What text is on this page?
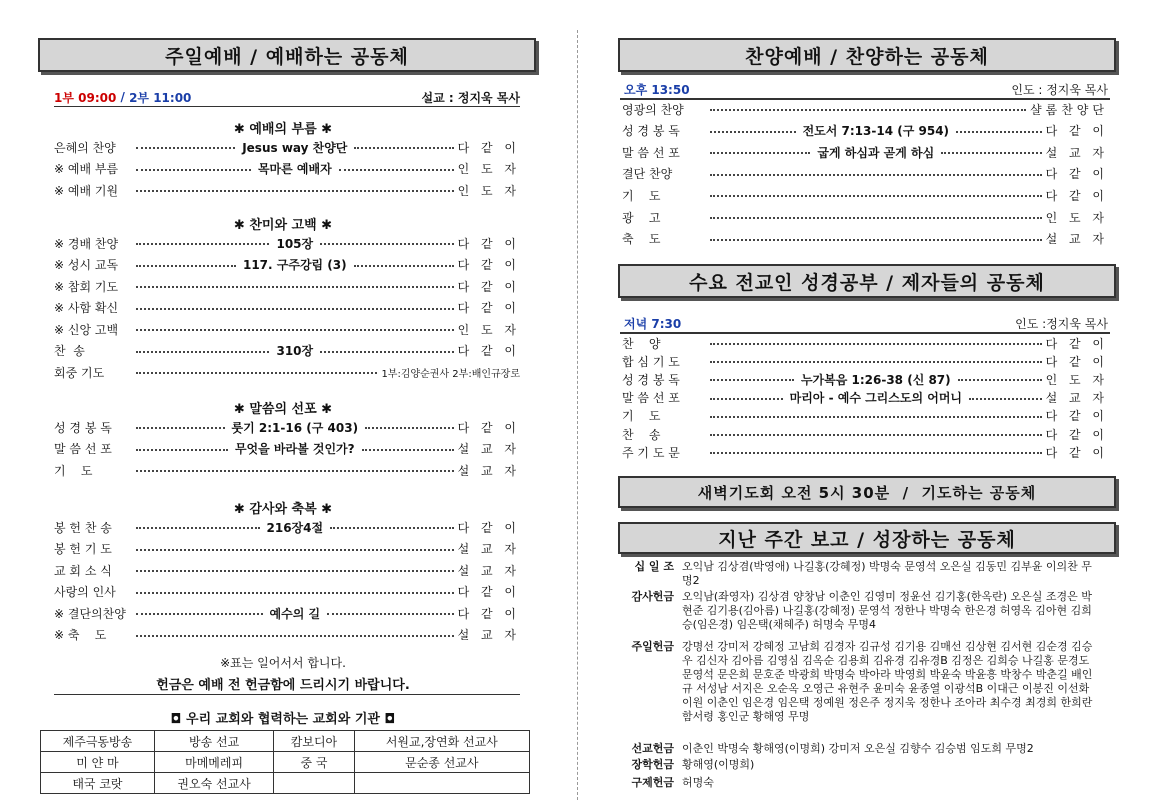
주일예배 / 예배하는 공동체
1부 09:00 / 2부 11:00	설교 : 정지욱 목사
✱ 예배의 부름 ✱
은혜의 찬양	Jesus way 찬양단	다 같 이
※ 예배 부름	목마른 예배자	인 도 자
※ 예배 기원	인 도 자
✱ 찬미와 고백 ✱
※ 경배 찬양	105장	다 같 이
※ 성시 교독	117. 구주강림 (3)	다 같 이
※ 참회 기도	다 같 이
※ 사함 확신	다 같 이
※ 신앙 고백	인 도 자
찬  송	310장	다 같 이
회중 기도	1부:김양순권사 2부:배인규장로
✱ 말씀의 선포 ✱
성 경 봉 독	룻기 2:1-16 (구 403)	다 같 이
말 씀 선 포	무엇을 바라볼 것인가?	설 교 자
기    도	설 교 자
✱ 감사와 축복 ✱
봉 헌 찬 송	216장4절	다 같 이
봉 헌 기 도	설 교 자
교 회 소 식	설 교 자
사랑의 인사	다 같 이
※ 결단의찬양	예수의 길	다 같 이
※ 축    도	설 교 자
※표는 일어서서 합니다.
헌금은 예배 전 헌금함에 드리시기 바랍니다.
◘ 우리 교회와 협력하는 교회와 기관 ◘
제주극동방송	방송 선교	캄보디아	서원교,장연화 선교사
미 얀 마	마메메레피	중 국	문순종 선교사
태국 코랏	권오숙 선교사		
찬양예배 / 찬양하는 공동체
오후 13:50	인도 : 정지욱 목사
영광의 찬양	샬롬찬양단
성 경 봉 독	전도서 7:13-14 (구 954)	다 같 이
말 씀 선 포	굽게 하심과 곧게 하심	설 교 자
결단 찬양	다 같 이
기    도	다 같 이
광    고	인 도 자
축    도	설 교 자
수요 전교인 성경공부 / 제자들의 공동체
저녁 7:30	인도 :정지욱 목사
찬    양	다 같 이
합 심 기 도	다 같 이
성 경 봉 독	누가복음 1:26-38 (신 87)	인 도 자
말 씀 선 포	마리아 - 예수 그리스도의 어머니	설 교 자
기    도	다 같 이
찬    송	다 같 이
주 기 도 문	다 같 이
새벽기도회 오전 5시 30분  /  기도하는 공동체
지난 주간 보고 / 성장하는 공동체
십 일 조 오익남 김상겸(박영애) 나길홍(강혜정) 박명숙 문영석 오은실 김동민 김부윤 이의찬 무명2
감사헌금 오익남(좌영자) 김상겸 양창남 이춘인 김영미 정윤선 김기홍(한옥란) 오은실 조경은 박현준 김기용(김아름) 나길홍(강혜정) 문영석 정한나 박명숙 한은경 허영옥 김아현 김희승(임은경) 임은택(채혜주) 허명숙 무명4
주일헌금 강명선 강미저 강혜정 고남희 김경자 김규성 김기용 김매선 김상현 김서현 김순경 김승우 김신자 김아름 김영심 김옥순 김용희 김유경 김유경B 김정은 김희승 나길홍 문경도 문영석 문은희 문호준 박광희 박명숙 박아라 박영희 박윤숙 박윤흥 박창수 박춘길 배인규 서성남 서지은 오순옥 오영근 유현주 윤미숙 윤종열 이광석B 이대근 이봉진 이선화 이원 이춘인 임은경 임은택 정예원 정은주 정지욱 정한나 조아라 최수경 최경희 한희란 함서령 홍인군 황해영 무명
선교헌금 이춘인 박명숙 황해영(이명희) 강미저 오은실 김향수 김승범 임도희 무명2
장학헌금 황해영(이명희)
구제헌금 허명숙
